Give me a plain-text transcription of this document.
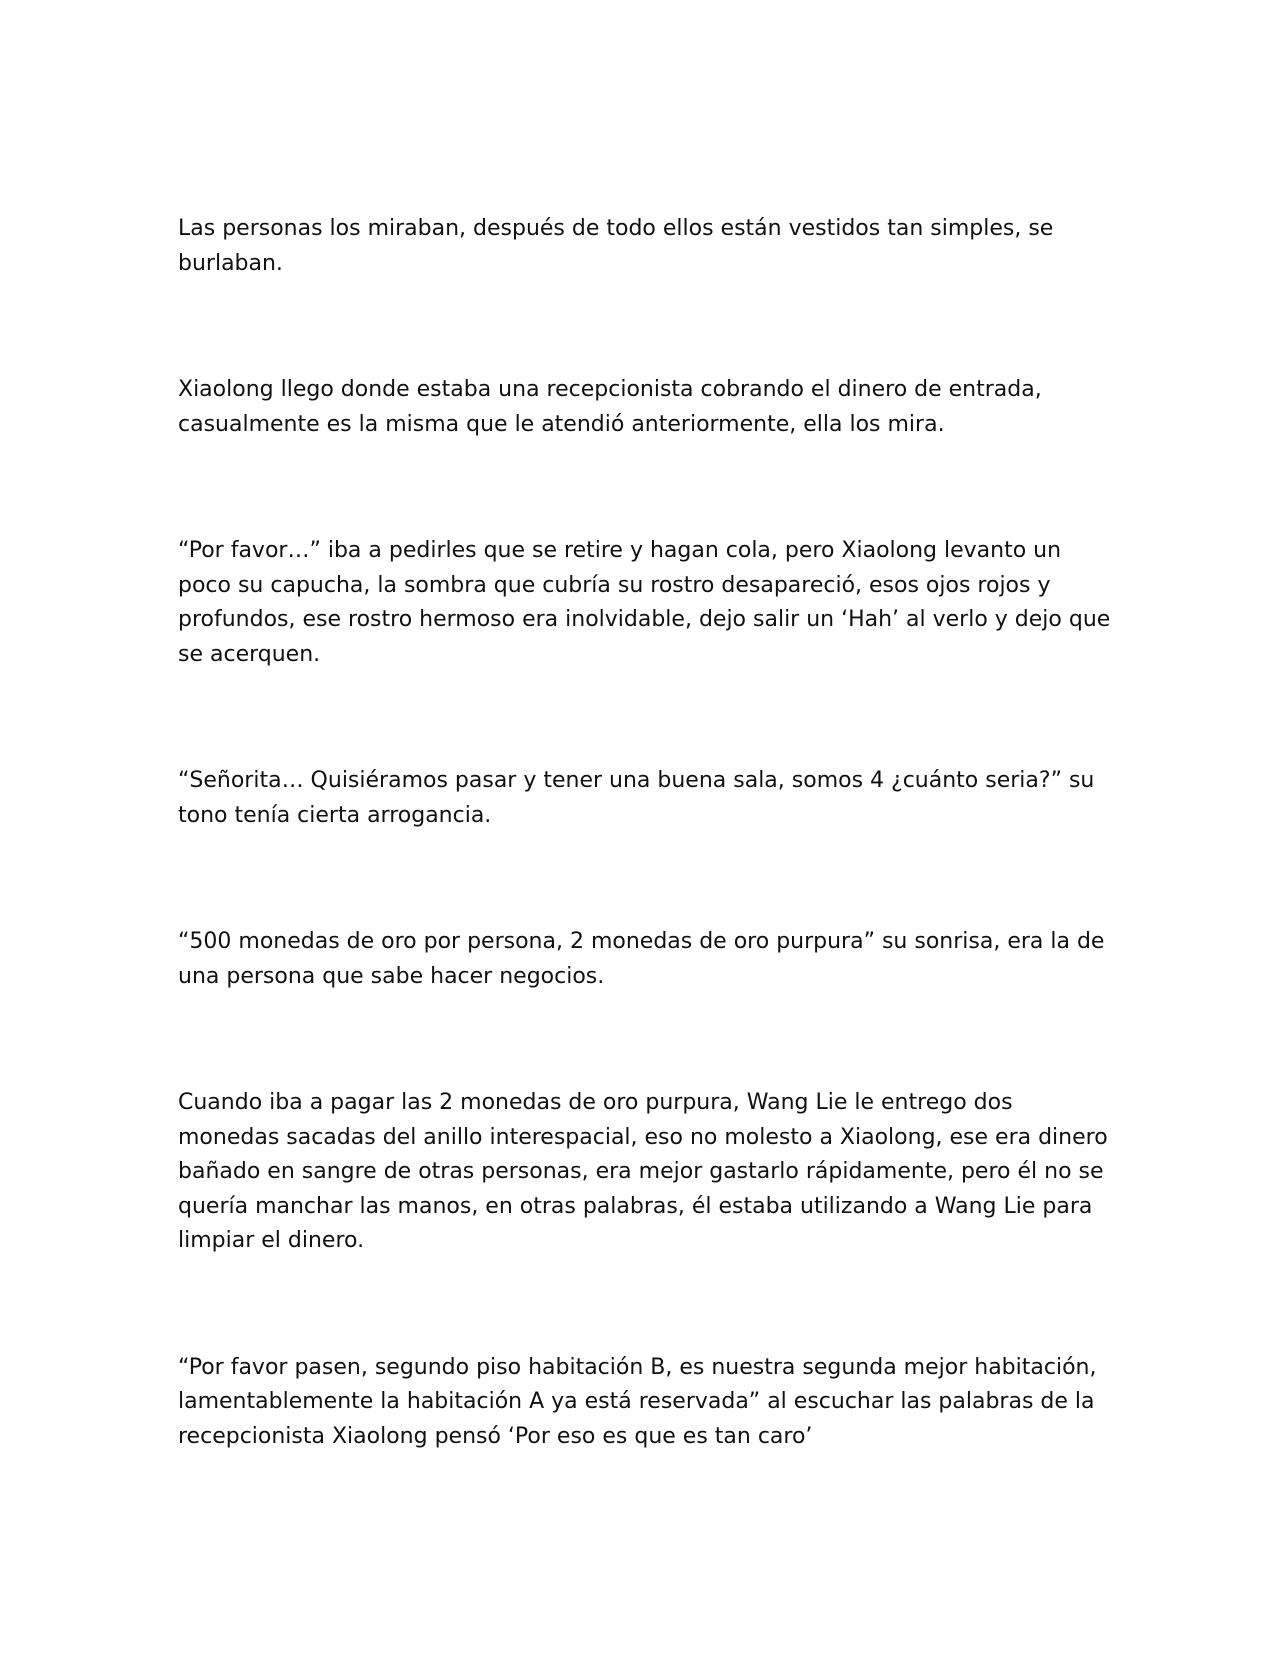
Las personas los miraban, después de todo ellos están vestidos tan simples, se burlaban.

Xiaolong llego donde estaba una recepcionista cobrando el dinero de entrada, casualmente es la misma que le atendió anteriormente, ella los mira.

“Por favor…” iba a pedirles que se retire y hagan cola, pero Xiaolong levanto un poco su capucha, la sombra que cubría su rostro desapareció, esos ojos rojos y profundos, ese rostro hermoso era inolvidable, dejo salir un ‘Hah’ al verlo y dejo que se acerquen.

“Señorita… Quisiéramos pasar y tener una buena sala, somos 4 ¿cuánto seria?” su tono tenía cierta arrogancia.

“500 monedas de oro por persona, 2 monedas de oro purpura” su sonrisa, era la de una persona que sabe hacer negocios.

Cuando iba a pagar las 2 monedas de oro purpura, Wang Lie le entrego dos monedas sacadas del anillo interespacial, eso no molesto a Xiaolong, ese era dinero bañado en sangre de otras personas, era mejor gastarlo rápidamente, pero él no se quería manchar las manos, en otras palabras, él estaba utilizando a Wang Lie para limpiar el dinero.

“Por favor pasen, segundo piso habitación B, es nuestra segunda mejor habitación, lamentablemente la habitación A ya está reservada” al escuchar las palabras de la recepcionista Xiaolong pensó ‘Por eso es que es tan caro’
